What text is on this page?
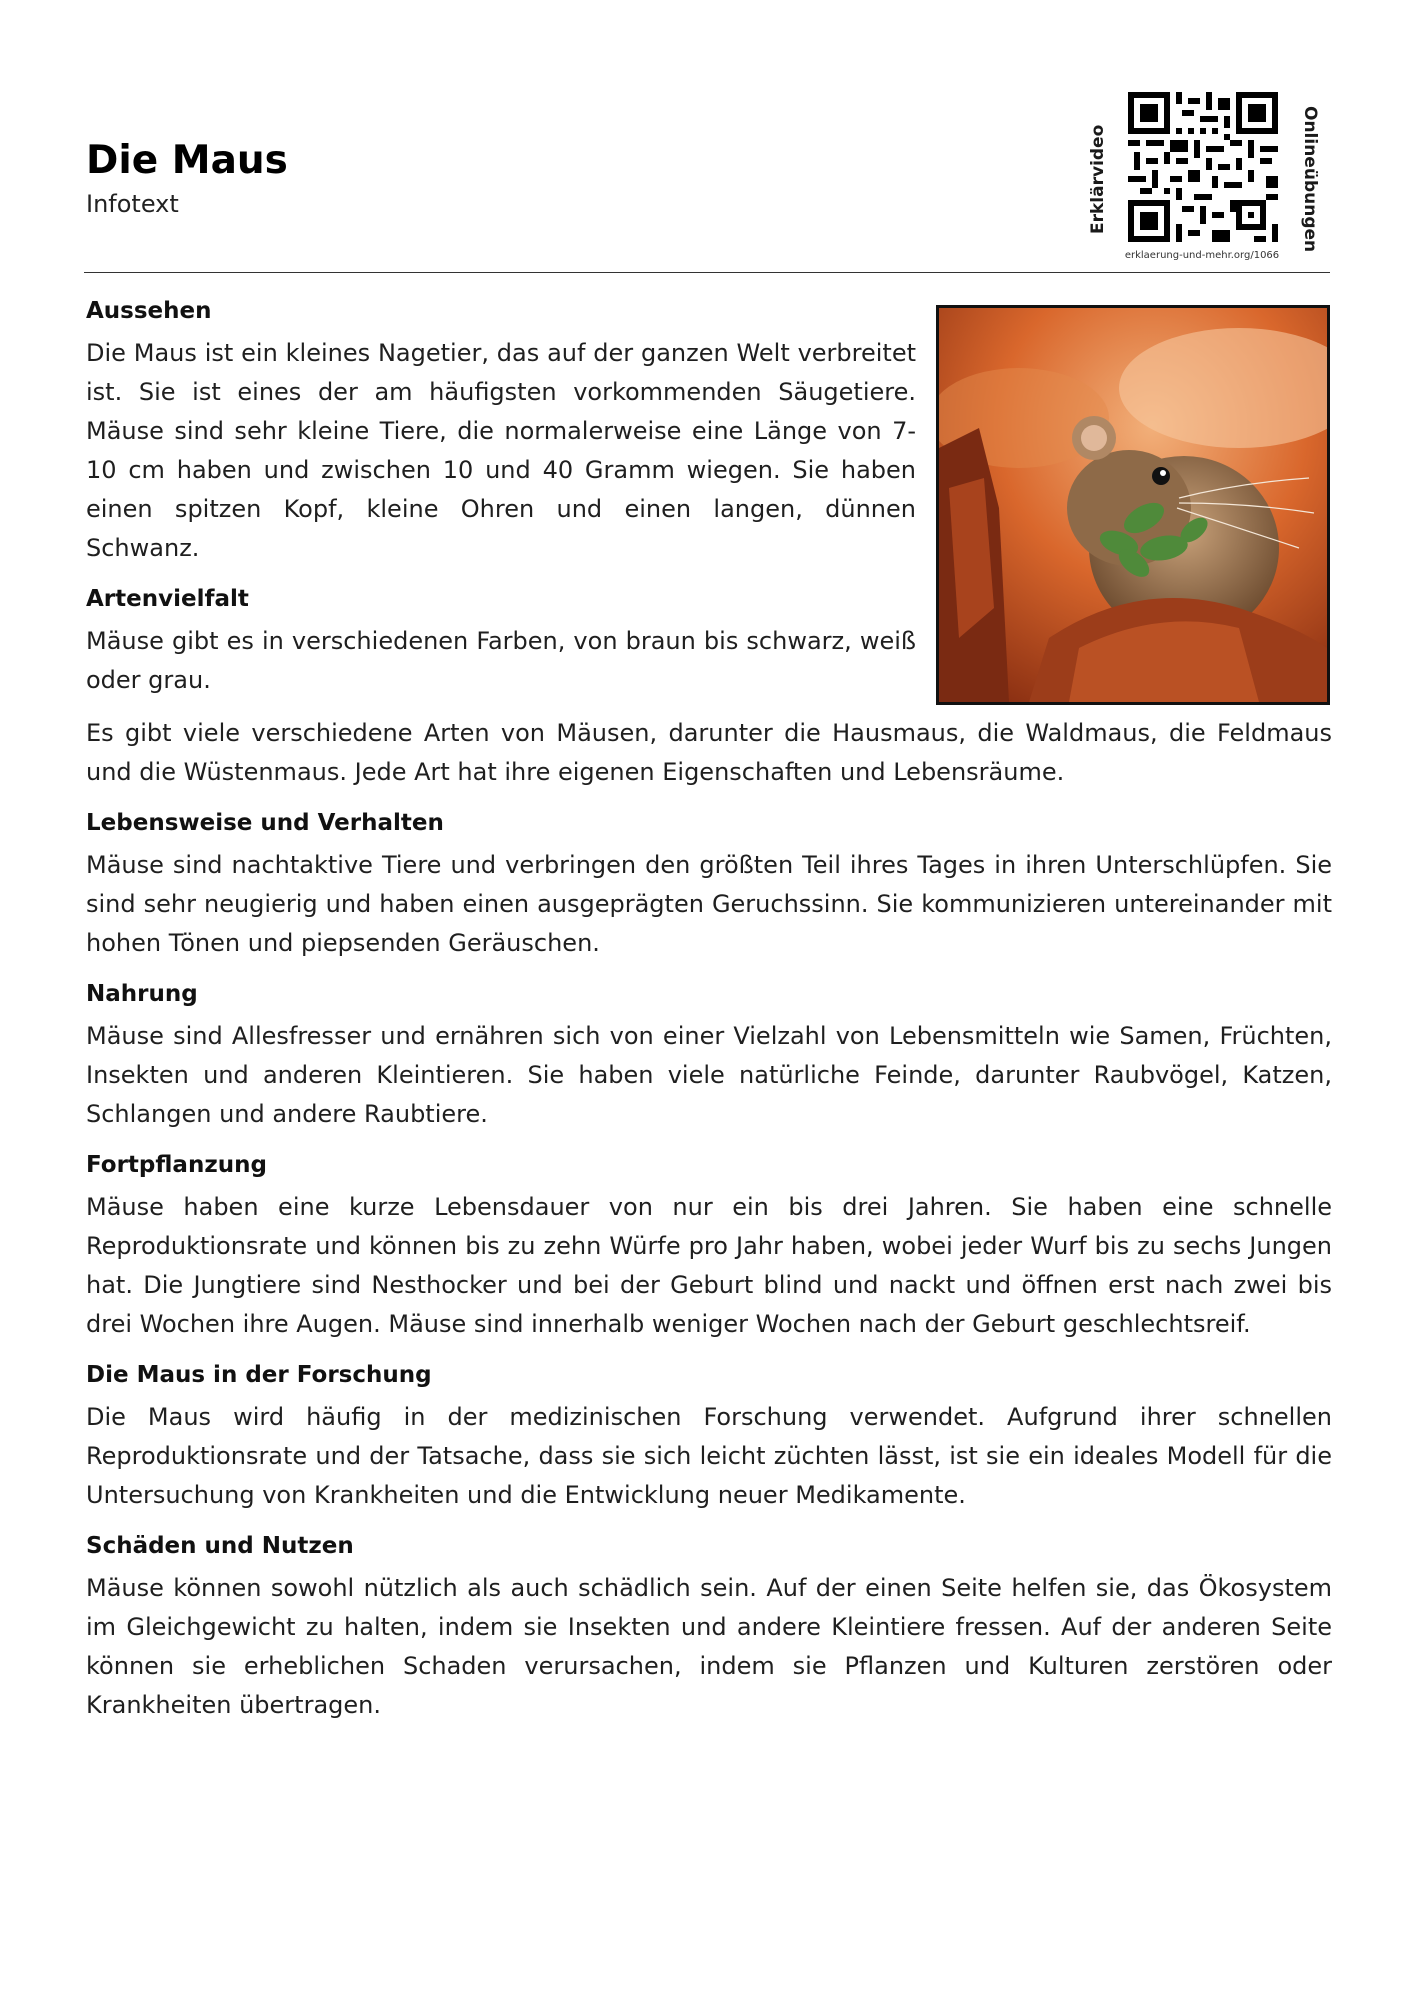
Die Maus
Infotext	Erklärvideo	Onlineübungen
erklaerung-und-mehr.org/1066
Aussehen

Die Maus ist ein kleines Nagetier, das auf der ganzen Welt verbreitet ist. Sie ist eines der am häufigsten vorkommenden Säugetiere. Mäuse sind sehr kleine Tiere, die normalerweise eine Länge von 7-10 cm haben und zwischen 10 und 40 Gramm wiegen. Sie haben einen spitzen Kopf, kleine Ohren und einen langen, dünnen Schwanz.

Artenvielfalt

Mäuse gibt es in verschiedenen Farben, von braun bis schwarz, weiß oder grau.

Es gibt viele verschiedene Arten von Mäusen, darunter die Hausmaus, die Waldmaus, die Feldmaus und die Wüstenmaus. Jede Art hat ihre eigenen Eigenschaften und Lebensräume.

Lebensweise und Verhalten

Mäuse sind nachtaktive Tiere und verbringen den größten Teil ihres Tages in ihren Unterschlüpfen. Sie sind sehr neugierig und haben einen ausgeprägten Geruchssinn. Sie kommunizieren untereinander mit hohen Tönen und piepsenden Geräuschen.

Nahrung

Mäuse sind Allesfresser und ernähren sich von einer Vielzahl von Lebensmitteln wie Samen, Früchten, Insekten und anderen Kleintieren. Sie haben viele natürliche Feinde, darunter Raubvögel, Katzen, Schlangen und andere Raubtiere.

Fortpflanzung

Mäuse haben eine kurze Lebensdauer von nur ein bis drei Jahren. Sie haben eine schnelle Reproduktionsrate und können bis zu zehn Würfe pro Jahr haben, wobei jeder Wurf bis zu sechs Jungen hat. Die Jungtiere sind Nesthocker und bei der Geburt blind und nackt und öffnen erst nach zwei bis drei Wochen ihre Augen. Mäuse sind innerhalb weniger Wochen nach der Geburt geschlechtsreif.

Die Maus in der Forschung

Die Maus wird häufig in der medizinischen Forschung verwendet. Aufgrund ihrer schnellen Reproduktionsrate und der Tatsache, dass sie sich leicht züchten lässt, ist sie ein ideales Modell für die Untersuchung von Krankheiten und die Entwicklung neuer Medikamente.

Schäden und Nutzen

Mäuse können sowohl nützlich als auch schädlich sein. Auf der einen Seite helfen sie, das Ökosystem im Gleichgewicht zu halten, indem sie Insekten und andere Kleintiere fressen. Auf der anderen Seite können sie erheblichen Schaden verursachen, indem sie Pflanzen und Kulturen zerstören oder Krankheiten übertragen.
